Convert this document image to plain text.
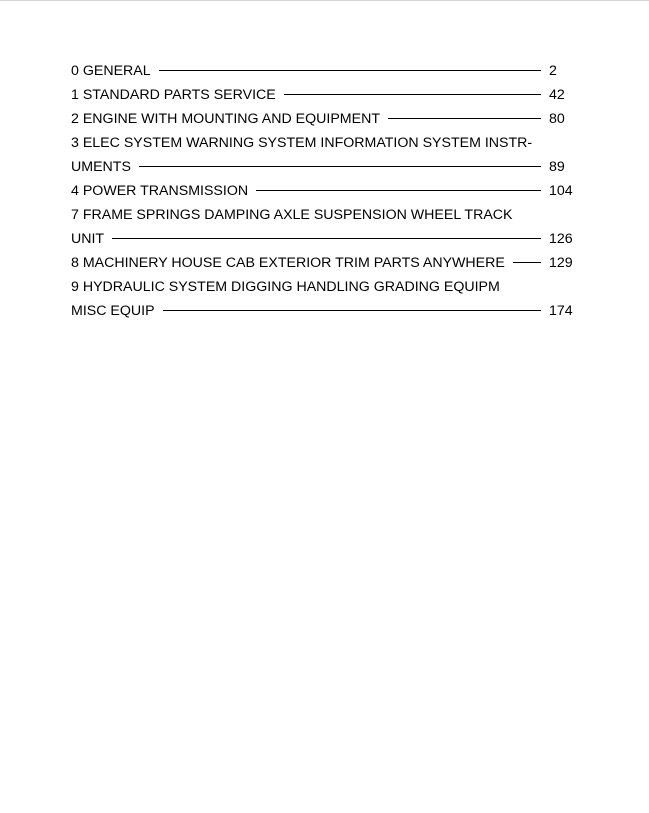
0 GENERAL	2
1 STANDARD PARTS SERVICE	42
2 ENGINE WITH MOUNTING AND EQUIPMENT	80
3 ELEC SYSTEM WARNING SYSTEM INFORMATION SYSTEM INSTR-
UMENTS	89
4 POWER TRANSMISSION	104
7 FRAME SPRINGS DAMPING AXLE SUSPENSION WHEEL TRACK
UNIT	126
8 MACHINERY HOUSE CAB EXTERIOR TRIM PARTS ANYWHERE	129
9 HYDRAULIC SYSTEM DIGGING HANDLING GRADING EQUIPM
MISC EQUIP	174
